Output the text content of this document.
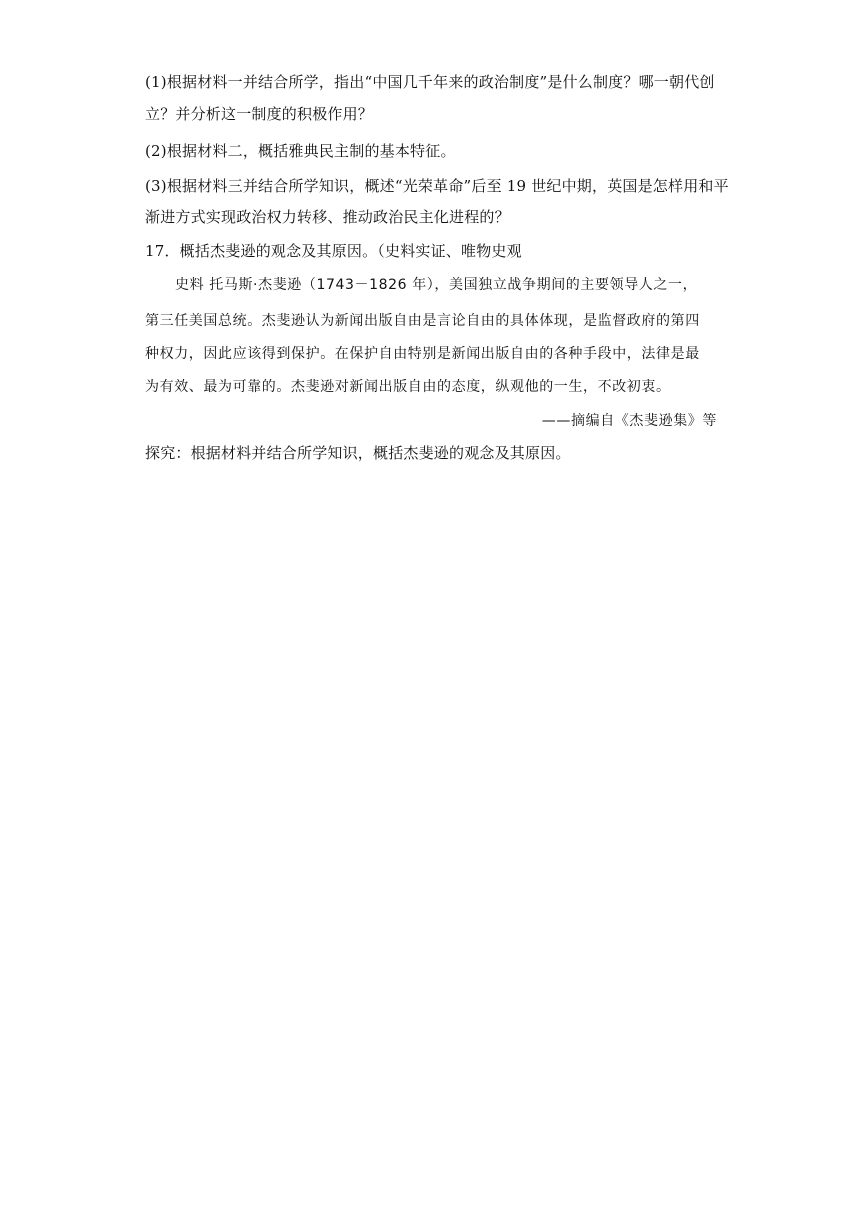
(1)根据材料一并结合所学，指出“中国几千年来的政治制度”是什么制度？哪一朝代创
立？并分析这一制度的积极作用？
(2)根据材料二，概括雅典民主制的基本特征。
(3)根据材料三并结合所学知识，概述“光荣革命”后至 19 世纪中期，英国是怎样用和平
渐进方式实现政治权力转移、推动政治民主化进程的？
17．概括杰斐逊的观念及其原因。（史料实证、唯物史观
史料 托马斯·杰斐逊（1743－1826 年），美国独立战争期间的主要领导人之一，
第三任美国总统。杰斐逊认为新闻出版自由是言论自由的具体体现，是监督政府的第四
种权力，因此应该得到保护。在保护自由特别是新闻出版自由的各种手段中，法律是最
为有效、最为可靠的。杰斐逊对新闻出版自由的态度，纵观他的一生，不改初衷。
——摘编自《杰斐逊集》等
探究：根据材料并结合所学知识，概括杰斐逊的观念及其原因。
